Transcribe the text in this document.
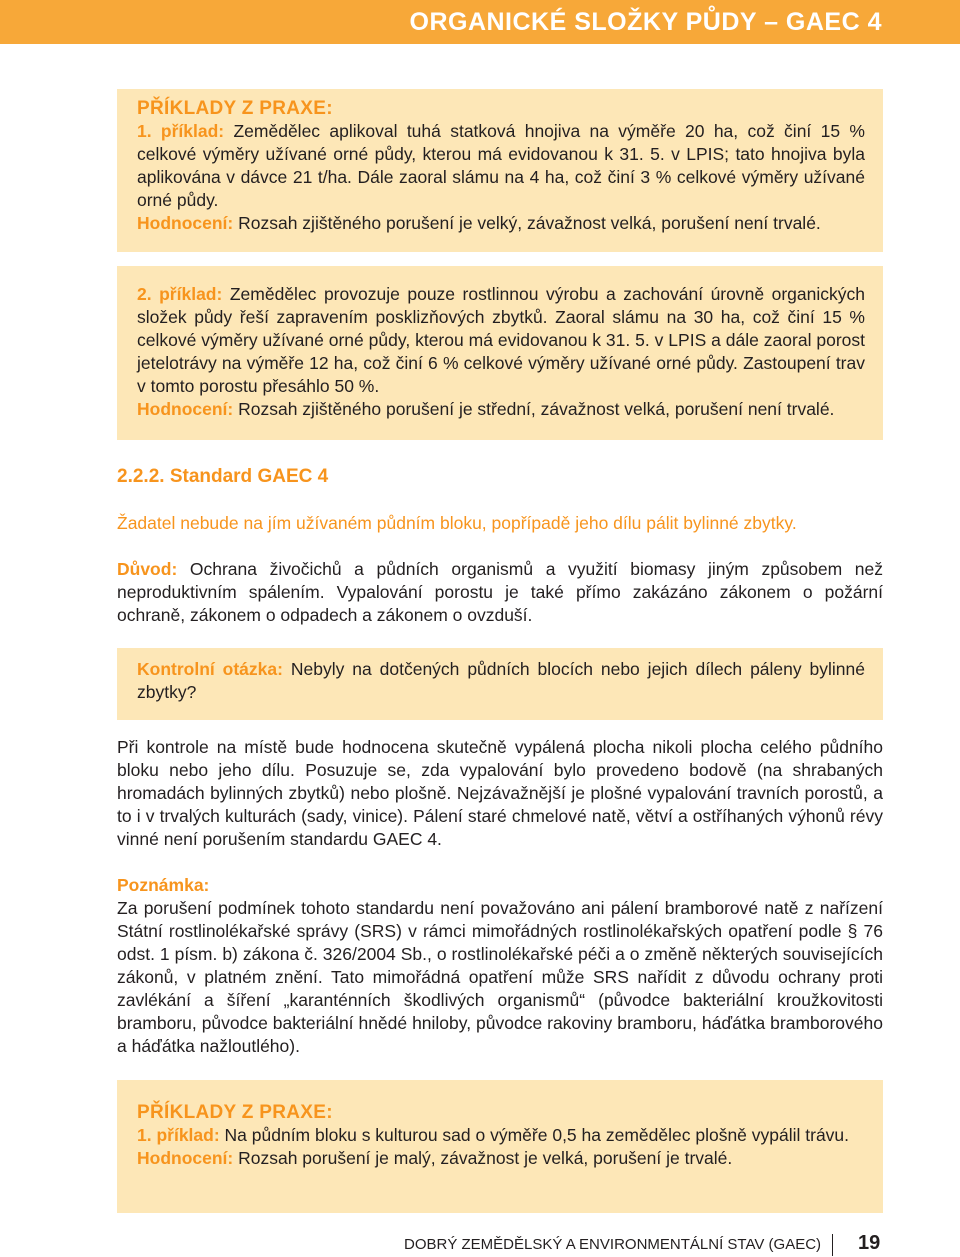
ORGANICKÉ SLOŽKY PŮDY – GAEC 4

PŘÍKLADY Z PRAXE:

1. příklad: Zemědělec aplikoval tuhá statková hnojiva na výměře 20 ha, což činí 15 % celkové výměry užívané orné půdy, kterou má evidovanou k 31. 5. v LPIS; tato hnojiva byla aplikována v dávce 21 t/ha. Dále zaoral slámu na 4 ha, což činí 3 % celkové výměry užívané orné půdy.

Hodnocení: Rozsah zjištěného porušení je velký, závažnost velká, porušení není trvalé.

2. příklad: Zemědělec provozuje pouze rostlinnou výrobu a zachování úrovně organických složek půdy řeší zapravením posklizňových zbytků. Zaoral slámu na 30 ha, což činí 15 % celkové výměry užívané orné půdy, kterou má evidovanou k 31. 5. v LPIS a dále zaoral porost jetelotrávy na výměře 12 ha, což činí 6 % celkové výměry užívané orné půdy. Zastoupení trav v tomto porostu přesáhlo 50 %.

Hodnocení: Rozsah zjištěného porušení je střední, závažnost velká, porušení není trvalé.

2.2.2. Standard GAEC 4
Žadatel nebude na jím užívaném půdním bloku, popřípadě jeho dílu pálit bylinné zbytky.
Důvod: Ochrana živočichů a půdních organismů a využití biomasy jiným způsobem než neproduktivním spálením. Vypalování porostu je také přímo zakázáno zákonem o požární ochraně, zákonem o odpadech a zákonem o ovzduší.
Kontrolní otázka: Nebyly na dotčených půdních blocích nebo jejich dílech páleny bylinné zbytky?
Při kontrole na místě bude hodnocena skutečně vypálená plocha nikoli plocha celého půdního bloku nebo jeho dílu. Posuzuje se, zda vypalování bylo provedeno bodově (na shrabaných hromadách bylinných zbytků) nebo plošně. Nejzávažnější je plošné vypalování travních porostů, a to i v trvalých kulturách (sady, vinice). Pálení staré chmelové natě, větví a ostříhaných výhonů révy vinné není porušením standardu GAEC 4.

Poznámka:

Za porušení podmínek tohoto standardu není považováno ani pálení bramborové natě z nařízení Státní rostlinolékařské správy (SRS) v rámci mimořádných rostlinolékařských opatření podle § 76 odst. 1 písm. b) zákona č. 326/2004 Sb., o rostlinolékařské péči a o změně některých souvisejících zákonů, v platném znění. Tato mimořádná opatření může SRS nařídit z důvodu ochrany proti zavlékání a šíření „karanténních škodlivých organismů“ (původce bakteriální kroužkovitosti bramboru, původce bakteriální hnědé hniloby, původce rakoviny bramboru, háďátka bramborového a háďátka nažloutlého).

PŘÍKLADY Z PRAXE:

1. příklad: Na půdním bloku s kulturou sad o výměře 0,5 ha zemědělec plošně vypálil trávu.

Hodnocení: Rozsah porušení je malý, závažnost je velká, porušení je trvalé.

DOBRÝ ZEMĚDĚLSKÝ A ENVIRONMENTÁLNÍ STAV (GAEC) 19
